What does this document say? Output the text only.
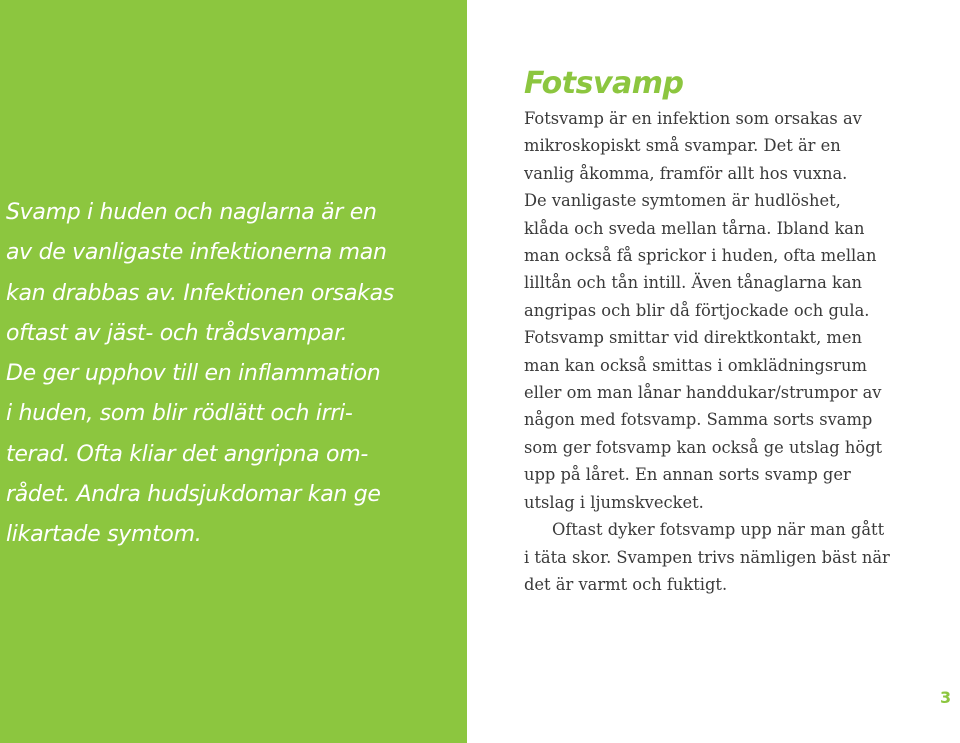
Svamp i huden och naglarna är en
av de vanligaste infektionerna man
kan drabbas av. Infektionen orsakas
oftast av jäst- och trådsvampar.
De ger upphov till en inflammation
i huden, som blir rödlätt och irri-
terad. Ofta kliar det angripna om-
rådet. Andra hudsjukdomar kan ge
likartade symtom.

Fotsvamp

Fotsvamp är en infektion som orsakas av
mikroskopiskt små svampar. Det är en
vanlig åkomma, framför allt hos vuxna.
De vanligaste symtomen är hudlöshet,
klåda och sveda mellan tårna. Ibland kan
man också få sprickor i huden, ofta mellan
lilltån och tån intill. Även tånaglarna kan
angripas och blir då förtjockade och gula.
Fotsvamp smittar vid direktkontakt, men
man kan också smittas i omklädningsrum
eller om man lånar handdukar/strumpor av
någon med fotsvamp. Samma sorts svamp
som ger fotsvamp kan också ge utslag högt
upp på låret. En annan sorts svamp ger
utslag i ljumskvecket.
Oftast dyker fotsvamp upp när man gått
i täta skor. Svampen trivs nämligen bäst när
det är varmt och fuktigt.

3
